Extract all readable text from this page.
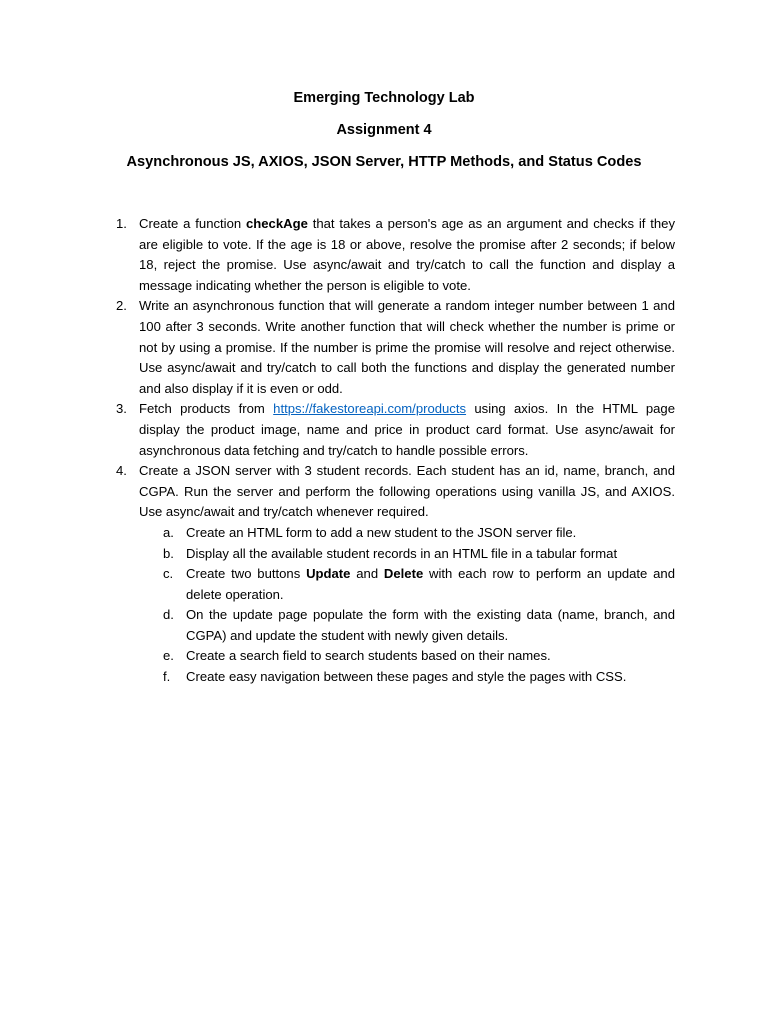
Emerging Technology Lab
Assignment 4
Asynchronous JS, AXIOS, JSON Server, HTTP Methods, and Status Codes
1. Create a function checkAge that takes a person's age as an argument and checks if they are eligible to vote. If the age is 18 or above, resolve the promise after 2 seconds; if below 18, reject the promise. Use async/await and try/catch to call the function and display a message indicating whether the person is eligible to vote.
2. Write an asynchronous function that will generate a random integer number between 1 and 100 after 3 seconds. Write another function that will check whether the number is prime or not by using a promise. If the number is prime the promise will resolve and reject otherwise. Use async/await and try/catch to call both the functions and display the generated number and also display if it is even or odd.
3. Fetch products from https://fakestoreapi.com/products using axios. In the HTML page display the product image, name and price in product card format. Use async/await for asynchronous data fetching and try/catch to handle possible errors.
4. Create a JSON server with 3 student records. Each student has an id, name, branch, and CGPA. Run the server and perform the following operations using vanilla JS, and AXIOS. Use async/await and try/catch whenever required.
a. Create an HTML form to add a new student to the JSON server file.
b. Display all the available student records in an HTML file in a tabular format
c. Create two buttons Update and Delete with each row to perform an update and delete operation.
d. On the update page populate the form with the existing data (name, branch, and CGPA) and update the student with newly given details.
e. Create a search field to search students based on their names.
f. Create easy navigation between these pages and style the pages with CSS.
